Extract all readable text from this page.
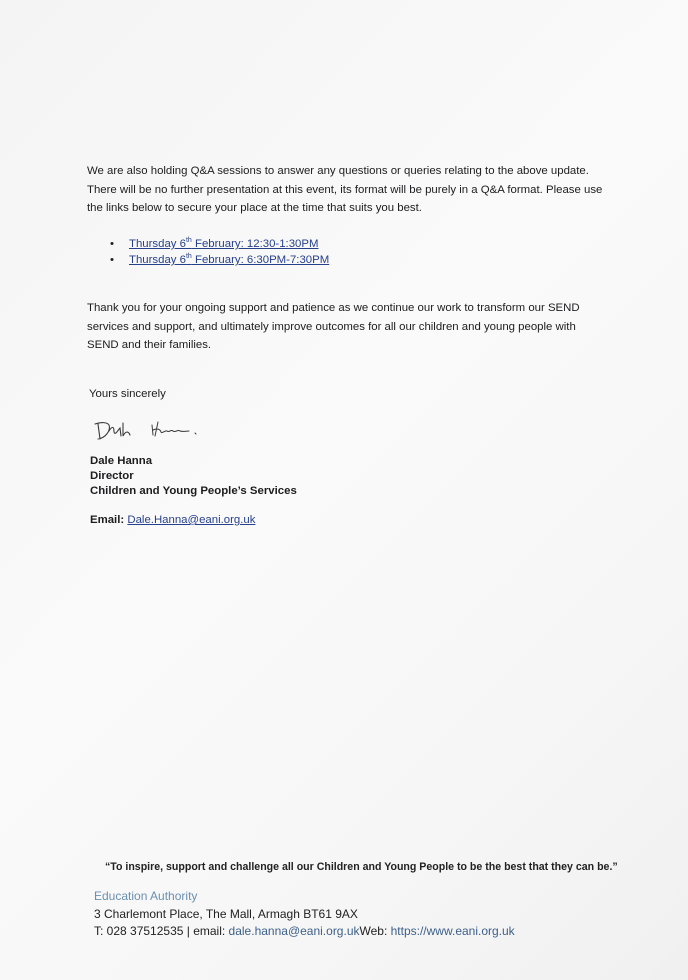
We are also holding Q&A sessions to answer any questions or queries relating to the above update. There will be no further presentation at this event, its format will be purely in a Q&A format. Please use the links below to secure your place at the time that suits you best.

• Thursday 6th February: 12:30-1:30PM
• Thursday 6th February: 6:30PM-7:30PM

Thank you for your ongoing support and patience as we continue our work to transform our SEND services and support, and ultimately improve outcomes for all our children and young people with SEND and their families.

Yours sincerely

Dale Hanna
Director
Children and Young People’s Services

Email: Dale.Hanna@eani.org.uk

“To inspire, support and challenge all our Children and Young People to be the best that they can be.”

Education Authority
3 Charlemont Place, The Mall, Armagh BT61 9AX
T: 028 37512535 | email: dale.hanna@eani.org.ukWeb: https://www.eani.org.uk
